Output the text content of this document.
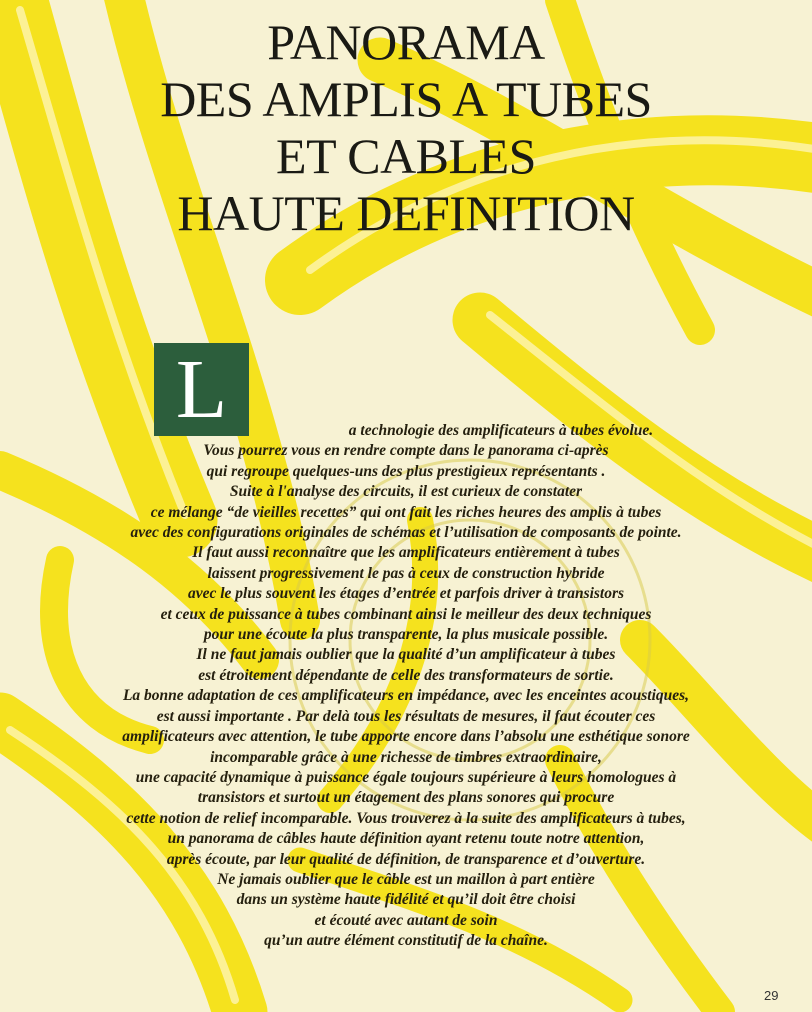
PANORAMA
DES AMPLIS A TUBES
ET CABLES
HAUTE DEFINITION
L	a technologie des amplificateurs à tubes évolue.
Vous pourrez vous en rendre compte dans le panorama ci-après
qui regroupe quelques-uns des plus prestigieux représentants .
Suite à l'analyse des circuits, il est curieux de constater
ce mélange “de vieilles recettes” qui ont fait les riches heures des amplis à tubes
avec des configurations originales de schémas et l’utilisation de composants de pointe.
Il faut aussi reconnaître que les amplificateurs entièrement à tubes
laissent progressivement le pas à ceux de construction hybride
avec le plus souvent les étages d’entrée et parfois driver à transistors
et ceux de puissance à tubes combinant ainsi le meilleur des deux techniques
pour une écoute la plus transparente, la plus musicale possible.
Il ne faut jamais oublier que la qualité d’un amplificateur à tubes
est étroitement dépendante de celle des transformateurs de sortie.
La bonne adaptation de ces amplificateurs en impédance, avec les enceintes acoustiques,
est aussi importante . Par delà tous les résultats de mesures, il faut écouter ces
amplificateurs avec attention, le tube apporte encore dans l’absolu une esthétique sonore
incomparable grâce à une richesse de timbres extraordinaire,
une capacité dynamique à puissance égale toujours supérieure à leurs homologues à
transistors et surtout un étagement des plans sonores qui procure
cette notion de relief incomparable. Vous trouverez à la suite des amplificateurs à tubes,
un panorama de câbles haute définition ayant retenu toute notre attention,
après écoute, par leur qualité de définition, de transparence et d’ouverture.
Ne jamais oublier que le câble est un maillon à part entière
dans un système haute fidélité et qu’il doit être choisi
et écouté avec autant de soin
qu’un autre élément constitutif de la chaîne.
29
